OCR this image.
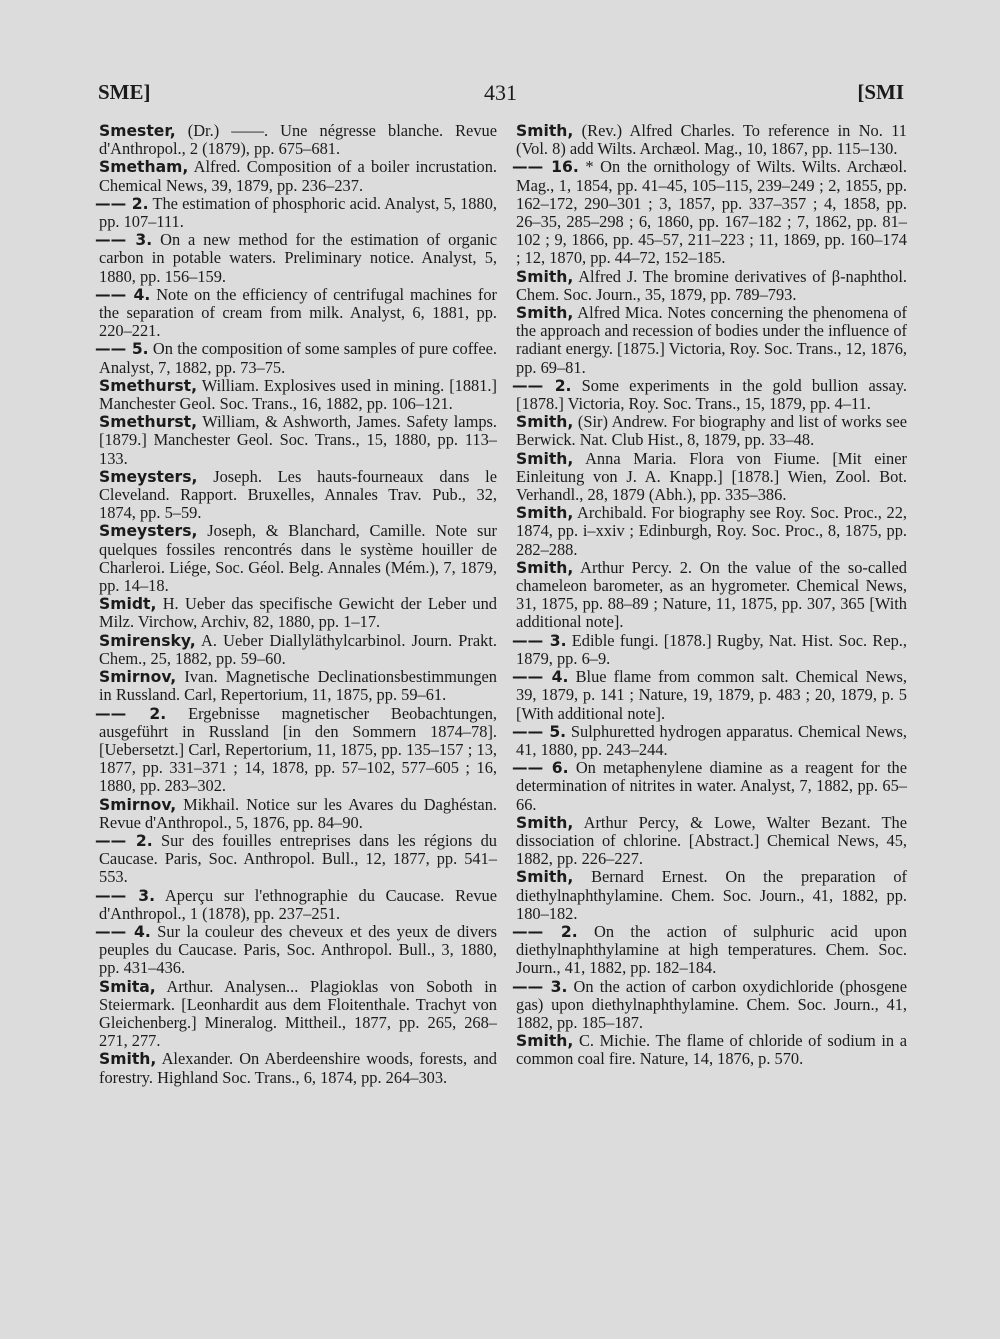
SME]	431	[SMI

Smester, (Dr.) ——. Une négresse blanche. Revue d'Anthropol., 2 (1879), pp. 675–681.

Smetham, Alfred. Composition of a boiler incrustation. Chemical News, 39, 1879, pp. 236–237.

—— 2. The estimation of phosphoric acid. Analyst, 5, 1880, pp. 107–111.

—— 3. On a new method for the estimation of organic carbon in potable waters. Preliminary notice. Analyst, 5, 1880, pp. 156–159.

—— 4. Note on the efficiency of centrifugal machines for the separation of cream from milk. Analyst, 6, 1881, pp. 220–221.

—— 5. On the composition of some samples of pure coffee. Analyst, 7, 1882, pp. 73–75.

Smethurst, William. Explosives used in mining. [1881.] Manchester Geol. Soc. Trans., 16, 1882, pp. 106–121.

Smethurst, William, & Ashworth, James. Safety lamps. [1879.] Manchester Geol. Soc. Trans., 15, 1880, pp. 113–133.

Smeysters, Joseph. Les hauts-fourneaux dans le Cleveland. Rapport. Bruxelles, Annales Trav. Pub., 32, 1874, pp. 5–59.

Smeysters, Joseph, & Blanchard, Camille. Note sur quelques fossiles rencontrés dans le système houiller de Charleroi. Liége, Soc. Géol. Belg. Annales (Mém.), 7, 1879, pp. 14–18.

Smidt, H. Ueber das specifische Gewicht der Leber und Milz. Virchow, Archiv, 82, 1880, pp. 1–17.

Smirensky, A. Ueber Diallyläthylcarbinol. Journ. Prakt. Chem., 25, 1882, pp. 59–60.

Smirnov, Ivan. Magnetische Declinationsbestimmungen in Russland. Carl, Repertorium, 11, 1875, pp. 59–61.

—— 2. Ergebnisse magnetischer Beobachtungen, ausgeführt in Russland [in den Sommern 1874–78]. [Uebersetzt.] Carl, Repertorium, 11, 1875, pp. 135–157 ; 13, 1877, pp. 331–371 ; 14, 1878, pp. 57–102, 577–605 ; 16, 1880, pp. 283–302.

Smirnov, Mikhail. Notice sur les Avares du Daghéstan. Revue d'Anthropol., 5, 1876, pp. 84–90.

—— 2. Sur des fouilles entreprises dans les régions du Caucase. Paris, Soc. Anthropol. Bull., 12, 1877, pp. 541–553.

—— 3. Aperçu sur l'ethnographie du Caucase. Revue d'Anthropol., 1 (1878), pp. 237–251.

—— 4. Sur la couleur des cheveux et des yeux de divers peuples du Caucase. Paris, Soc. Anthropol. Bull., 3, 1880, pp. 431–436.

Smita, Arthur. Analysen... Plagioklas von Soboth in Steiermark. [Leonhardit aus dem Floitenthale. Trachyt von Gleichenberg.] Mineralog. Mittheil., 1877, pp. 265, 268–271, 277.

Smith, Alexander. On Aberdeenshire woods, forests, and forestry. Highland Soc. Trans., 6, 1874, pp. 264–303.

Smith, (Rev.) Alfred Charles. To reference in No. 11 (Vol. 8) add Wilts. Archæol. Mag., 10, 1867, pp. 115–130.

—— 16. * On the ornithology of Wilts. Wilts. Archæol. Mag., 1, 1854, pp. 41–45, 105–115, 239–249 ; 2, 1855, pp. 162–172, 290–301 ; 3, 1857, pp. 337–357 ; 4, 1858, pp. 26–35, 285–298 ; 6, 1860, pp. 167–182 ; 7, 1862, pp. 81–102 ; 9, 1866, pp. 45–57, 211–223 ; 11, 1869, pp. 160–174 ; 12, 1870, pp. 44–72, 152–185.

Smith, Alfred J. The bromine derivatives of β-naphthol. Chem. Soc. Journ., 35, 1879, pp. 789–793.

Smith, Alfred Mica. Notes concerning the phenomena of the approach and recession of bodies under the influence of radiant energy. [1875.] Victoria, Roy. Soc. Trans., 12, 1876, pp. 69–81.

—— 2. Some experiments in the gold bullion assay. [1878.] Victoria, Roy. Soc. Trans., 15, 1879, pp. 4–11.

Smith, (Sir) Andrew. For biography and list of works see Berwick. Nat. Club Hist., 8, 1879, pp. 33–48.

Smith, Anna Maria. Flora von Fiume. [Mit einer Einleitung von J. A. Knapp.] [1878.] Wien, Zool. Bot. Verhandl., 28, 1879 (Abh.), pp. 335–386.

Smith, Archibald. For biography see Roy. Soc. Proc., 22, 1874, pp. i–xxiv ; Edinburgh, Roy. Soc. Proc., 8, 1875, pp. 282–288.

Smith, Arthur Percy. 2. On the value of the so-called chameleon barometer, as an hygrometer. Chemical News, 31, 1875, pp. 88–89 ; Nature, 11, 1875, pp. 307, 365 [With additional note].

—— 3. Edible fungi. [1878.] Rugby, Nat. Hist. Soc. Rep., 1879, pp. 6–9.

—— 4. Blue flame from common salt. Chemical News, 39, 1879, p. 141 ; Nature, 19, 1879, p. 483 ; 20, 1879, p. 5 [With additional note].

—— 5. Sulphuretted hydrogen apparatus. Chemical News, 41, 1880, pp. 243–244.

—— 6. On metaphenylene diamine as a reagent for the determination of nitrites in water. Analyst, 7, 1882, pp. 65–66.

Smith, Arthur Percy, & Lowe, Walter Bezant. The dissociation of chlorine. [Abstract.] Chemical News, 45, 1882, pp. 226–227.

Smith, Bernard Ernest. On the preparation of diethylnaphthylamine. Chem. Soc. Journ., 41, 1882, pp. 180–182.

—— 2. On the action of sulphuric acid upon diethylnaphthylamine at high temperatures. Chem. Soc. Journ., 41, 1882, pp. 182–184.

—— 3. On the action of carbon oxydichloride (phosgene gas) upon diethylnaphthylamine. Chem. Soc. Journ., 41, 1882, pp. 185–187.

Smith, C. Michie. The flame of chloride of sodium in a common coal fire. Nature, 14, 1876, p. 570.
